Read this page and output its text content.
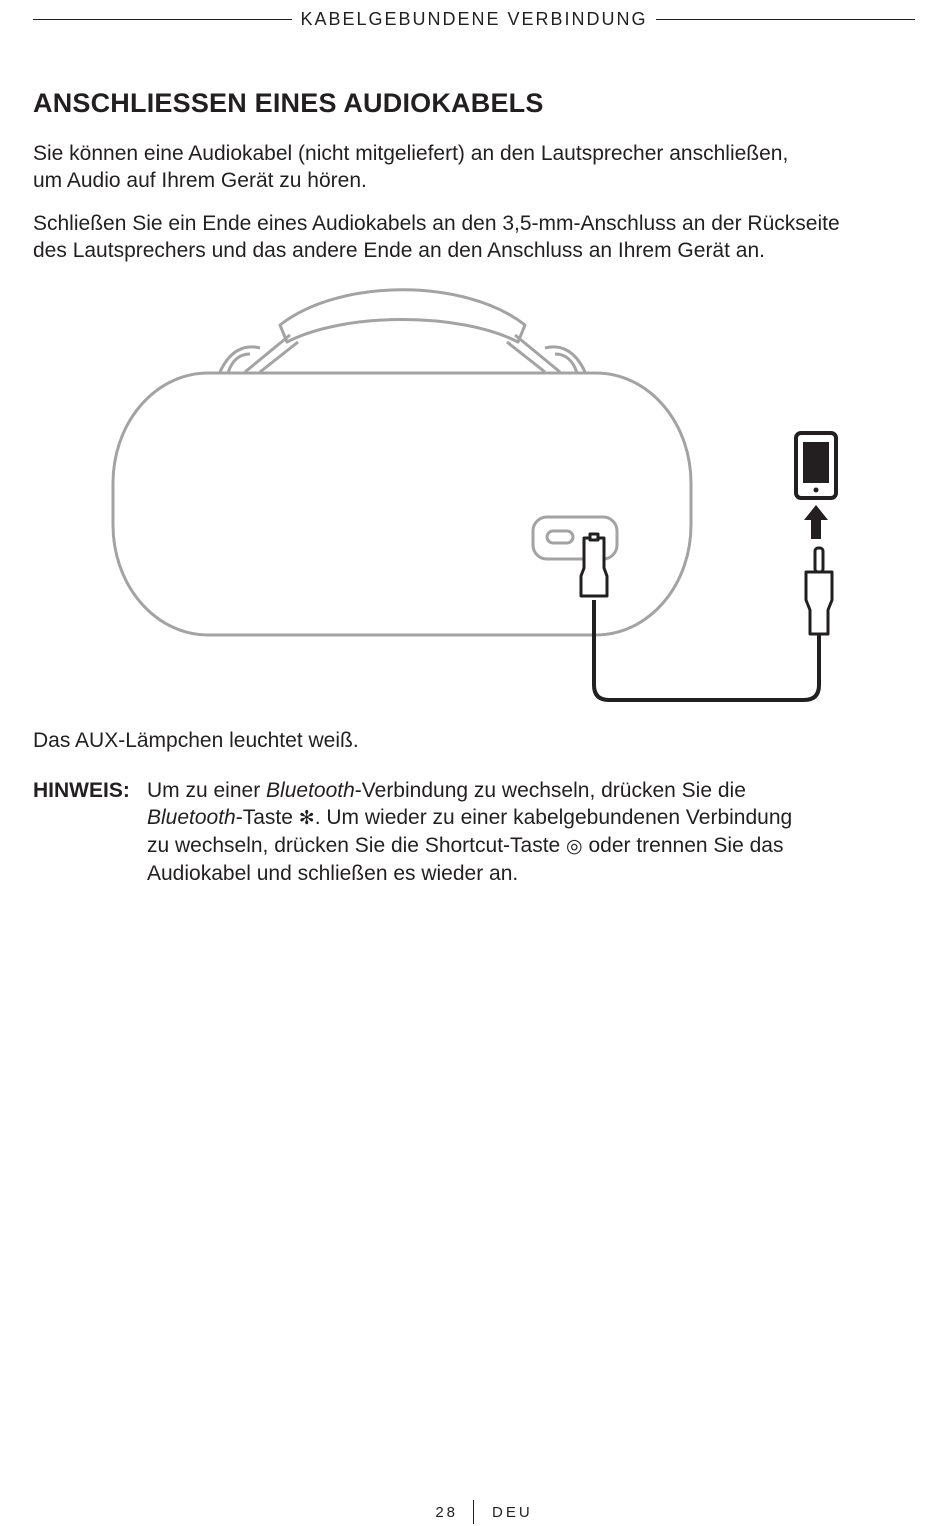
KABELGEBUNDENE VERBINDUNG
ANSCHLIESSEN EINES AUDIOKABELS

Sie können eine Audiokabel (nicht mitgeliefert) an den Lautsprecher anschließen,
um Audio auf Ihrem Gerät zu hören.

Schließen Sie ein Ende eines Audiokabels an den 3,5-mm-Anschluss an der Rückseite
des Lautsprechers und das andere Ende an den Anschluss an Ihrem Gerät an.

Das AUX-Lämpchen leuchtet weiß.

HINWEIS: Um zu einer Bluetooth-Verbindung zu wechseln, drücken Sie die
Bluetooth-Taste ✻. Um wieder zu einer kabelgebundenen Verbindung
zu wechseln, drücken Sie die Shortcut-Taste ◎ oder trennen Sie das
Audiokabel und schließen es wieder an.
28 DEU
